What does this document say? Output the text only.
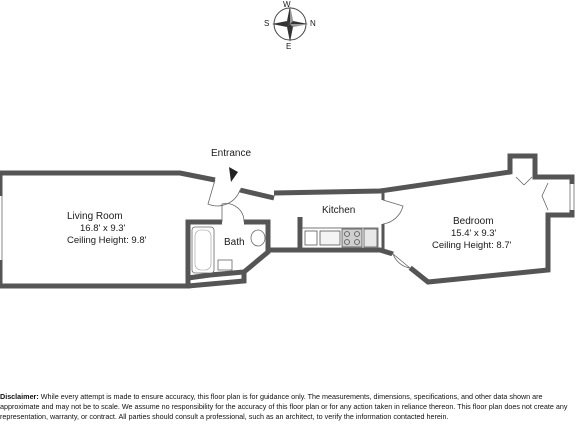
Entrance
W
N
S
E
Living Room
16.8' x 9.3'
Ceiling Height: 9.8'	Bath
Kitchen
Bedroom
15.4' x 9.3'
Ceiling Height: 8.7'
Disclaimer: While every attempt is made to ensure accuracy, this floor plan is for guidance only. The measurements, dimensions, specifications, and other data shown are approximate and may not be to scale. We assume no responsibility for the accuracy of this floor plan or for any action taken in reliance thereon. This floor plan does not create any representation, warranty, or contract. All parties should consult a professional, such as an architect, to verify the information contacted herein.
